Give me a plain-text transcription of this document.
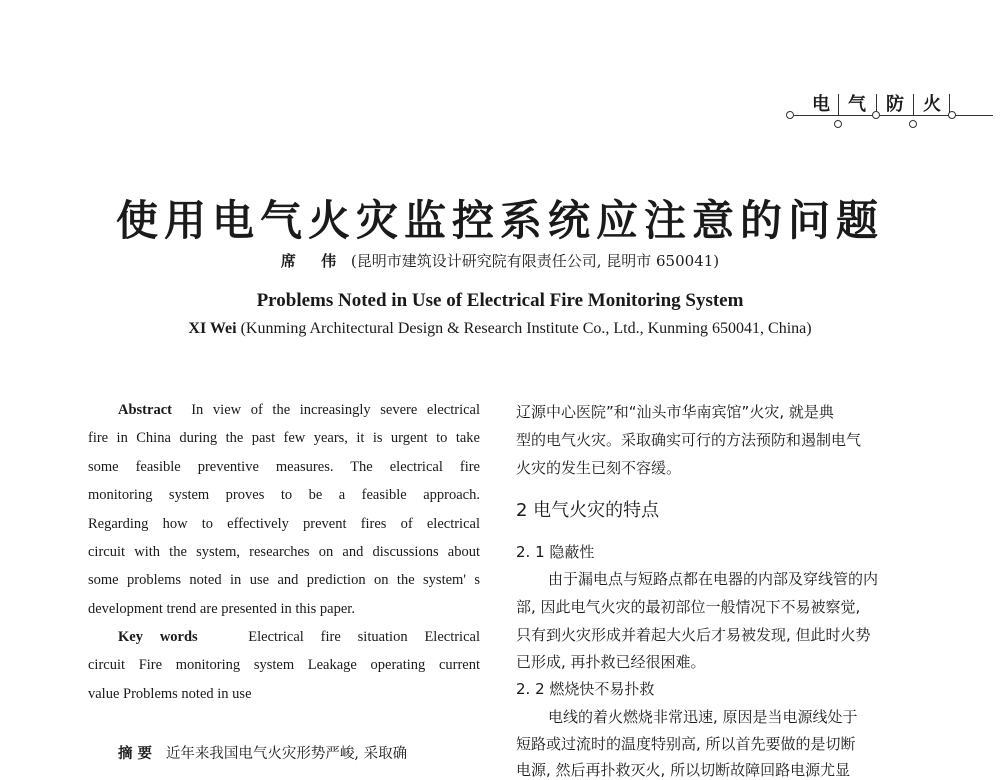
电 气 防 火
使用电气火灾监控系统应注意的问题
席 伟 (昆明市建筑设计研究院有限责任公司, 昆明市 650041)
Problems Noted in Use of Electrical Fire Monitoring System
XI Wei (Kunming Architectural Design & Research Institute Co., Ltd., Kunming 650041, China)
Abstract In view of the increasingly severe electrical
fire in China during the past few years, it is urgent to take
some feasible preventive measures. The electrical fire
monitoring system proves to be a feasible approach.
Regarding how to effectively prevent fires of electrical
circuit with the system, researches on and discussions about
some problems noted in use and prediction on the system' s
development trend are presented in this paper.
Key words	Electrical fire situation Electrical
circuit Fire monitoring system Leakage operating current
value Problems noted in use
摘 要 近年来我国电气火灾形势严峻, 采取确
辽源中心医院”和“汕头市华南宾馆”火灾, 就是典
型的电气火灾。采取确实可行的方法预防和遏制电气
火灾的发生已刻不容缓。
2 电气火灾的特点
2. 1 隐蔽性
由于漏电点与短路点都在电器的内部及穿线管的内
部, 因此电气火灾的最初部位一般情况下不易被察觉,
只有到火灾形成并着起大火后才易被发现, 但此时火势
已形成, 再扑救已经很困难。
2. 2 燃烧快不易扑救
电线的着火燃烧非常迅速, 原因是当电源线处于
短路或过流时的温度特别高, 所以首先要做的是切断
电源, 然后再扑救灭火, 所以切断故障回路电源尤显
